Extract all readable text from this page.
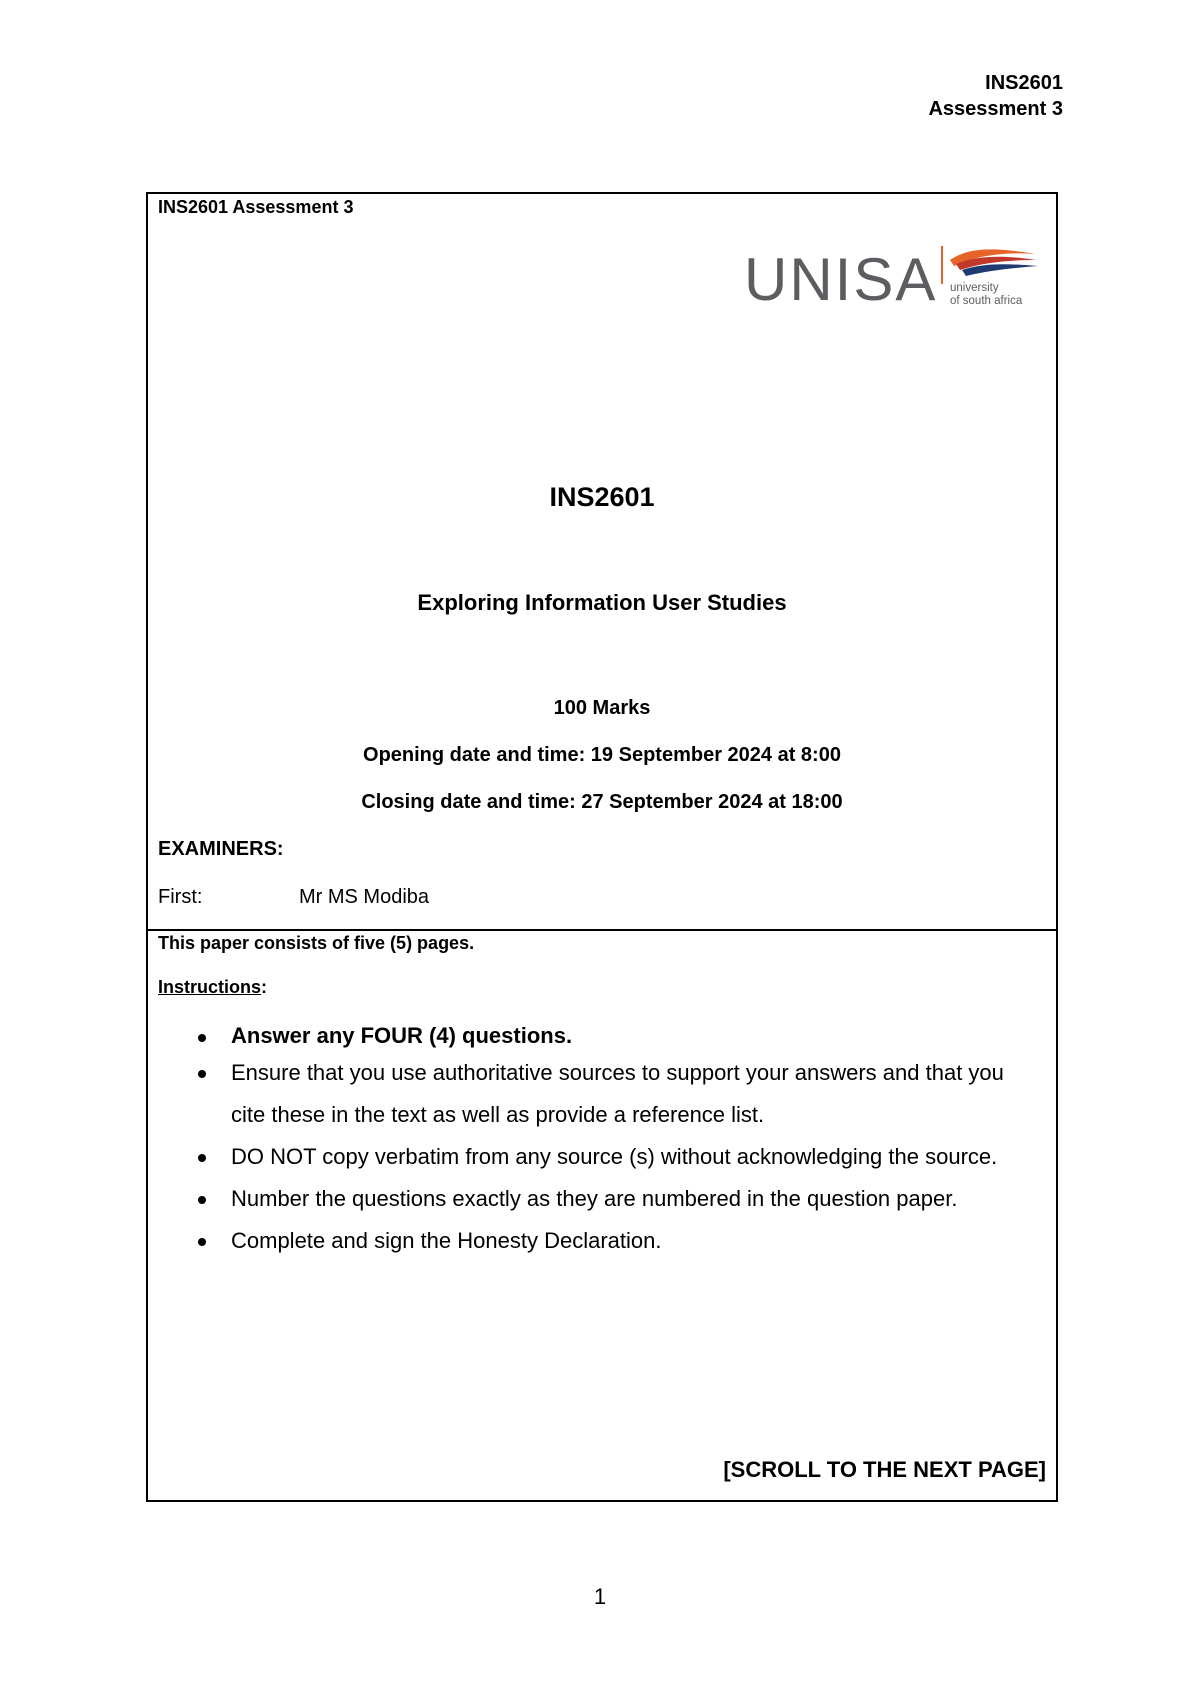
INS2601
Assessment 3
INS2601 Assessment 3
UNISA university
of south africa
INS2601
Exploring Information User Studies
100 Marks
Opening date and time: 19 September 2024 at 8:00
Closing date and time: 27 September 2024 at 18:00
EXAMINERS:
First:	Mr MS Modiba
This paper consists of five (5) pages.
Instructions:
Answer any FOUR (4) questions.
Ensure that you use authoritative sources to support your answers and that you cite these in the text as well as provide a reference list.
DO NOT copy verbatim from any source (s) without acknowledging the source.
Number the questions exactly as they are numbered in the question paper.
Complete and sign the Honesty Declaration.
[SCROLL TO THE NEXT PAGE]
1
